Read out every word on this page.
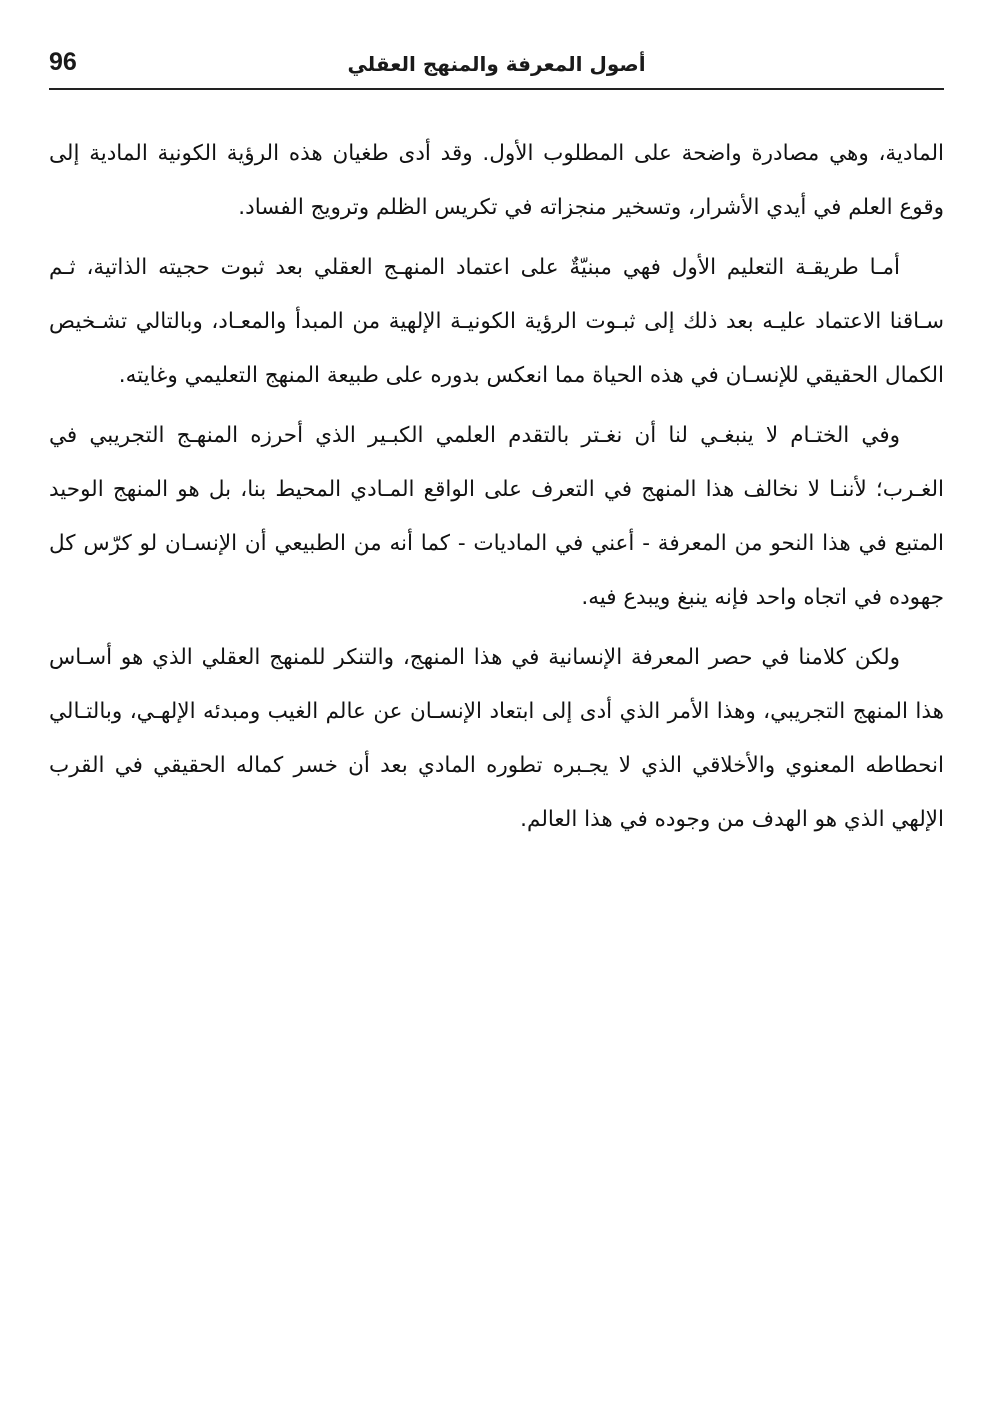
96	أصول المعرفة والمنهج العقلي

المادية، وهي مصادرة واضحة على المطلوب الأول. وقد أدى طغيان هذه الرؤية الكونية المادية إلى وقوع العلم في أيدي الأشرار، وتسخير منجزاته في تكريس الظلم وترويج الفساد.

أمـا طريقـة التعليم الأول فهي مبنيّةٌ على اعتماد المنهـج العقلي بعد ثبوت حجيته الذاتية، ثـم سـاقنا الاعتماد عليـه بعد ذلك إلى ثبـوت الرؤية الكونيـة الإلهية من المبدأ والمعـاد، وبالتالي تشـخيص الكمال الحقيقي للإنسـان في هذه الحياة مما انعكس بدوره على طبيعة المنهج التعليمي وغايته.

وفي الختـام لا ينبغـي لنا أن نغـتر بالتقدم العلمي الكبـير الذي أحرزه المنهـج التجريبي في الغـرب؛ لأننـا لا نخالف هذا المنهج في التعرف على الواقع المـادي المحيط بنا، بل هو المنهج الوحيد المتبع في هذا النحو من المعرفة - أعني في الماديات - كما أنه من الطبيعي أن الإنسـان لو كرّس كل جهوده في اتجاه واحد فإنه ينبغ ويبدع فيه.

ولكن كلامنا في حصر المعرفة الإنسانية في هذا المنهج، والتنكر للمنهج العقلي الذي هو أسـاس هذا المنهج التجريبي، وهذا الأمر الذي أدى إلى ابتعاد الإنسـان عن عالم الغيب ومبدئه الإلهـي، وبالتـالي انحطاطه المعنوي والأخلاقي الذي لا يجـبره تطوره المادي بعد أن خسر كماله الحقيقي في القرب الإلهي الذي هو الهدف من وجوده في هذا العالم.
